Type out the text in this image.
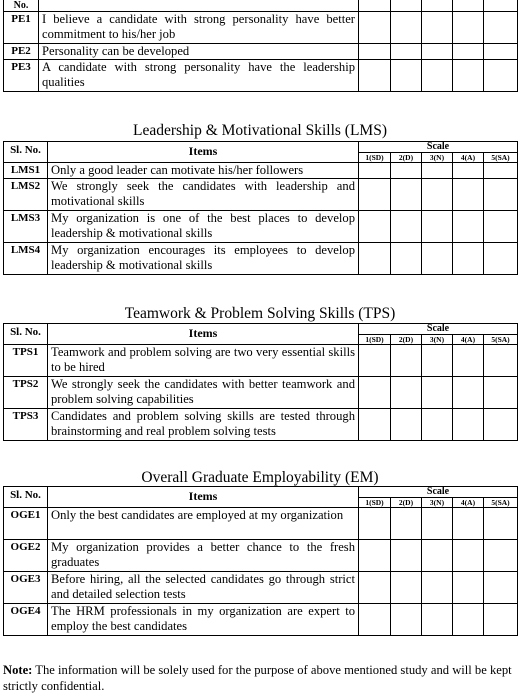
No.						
PE1	I believe a candidate with strong personality have better commitment to his/her job					
PE2	Personality can be developed					
PE3	A candidate with strong personality have the leadership qualities					
Leadership & Motivational Skills (LMS)
Sl. No.	Items	Scale				
		1(SD)	2(D)	3(N)	4(A)	5(SA)
LMS1	Only a good leader can motivate his/her followers					
LMS2	We strongly seek the candidates with leadership and motivational skills					
LMS3	My organization is one of the best places to develop leadership & motivational skills					
LMS4	My organization encourages its employees to develop leadership & motivational skills					
Teamwork & Problem Solving Skills (TPS)
Sl. No.	Items	Scale				
		1(SD)	2(D)	3(N)	4(A)	5(SA)
TPS1	Teamwork and problem solving are two very essential skills to be hired					
TPS2	We strongly seek the candidates with better teamwork and problem solving capabilities					
TPS3	Candidates and problem solving skills are tested through brainstorming and real problem solving tests					
Overall Graduate Employability (EM)
Sl. No.	Items	Scale				
		1(SD)	2(D)	3(N)	4(A)	5(SA)
OGE1	Only the best candidates are employed at my organization					
OGE2	My organization provides a better chance to the fresh graduates					
OGE3	Before hiring, all the selected candidates go through strict and detailed selection tests					
OGE4	The HRM professionals in my organization are expert to employ the best candidates					
Note: The information will be solely used for the purpose of above mentioned study and will be kept strictly confidential.
